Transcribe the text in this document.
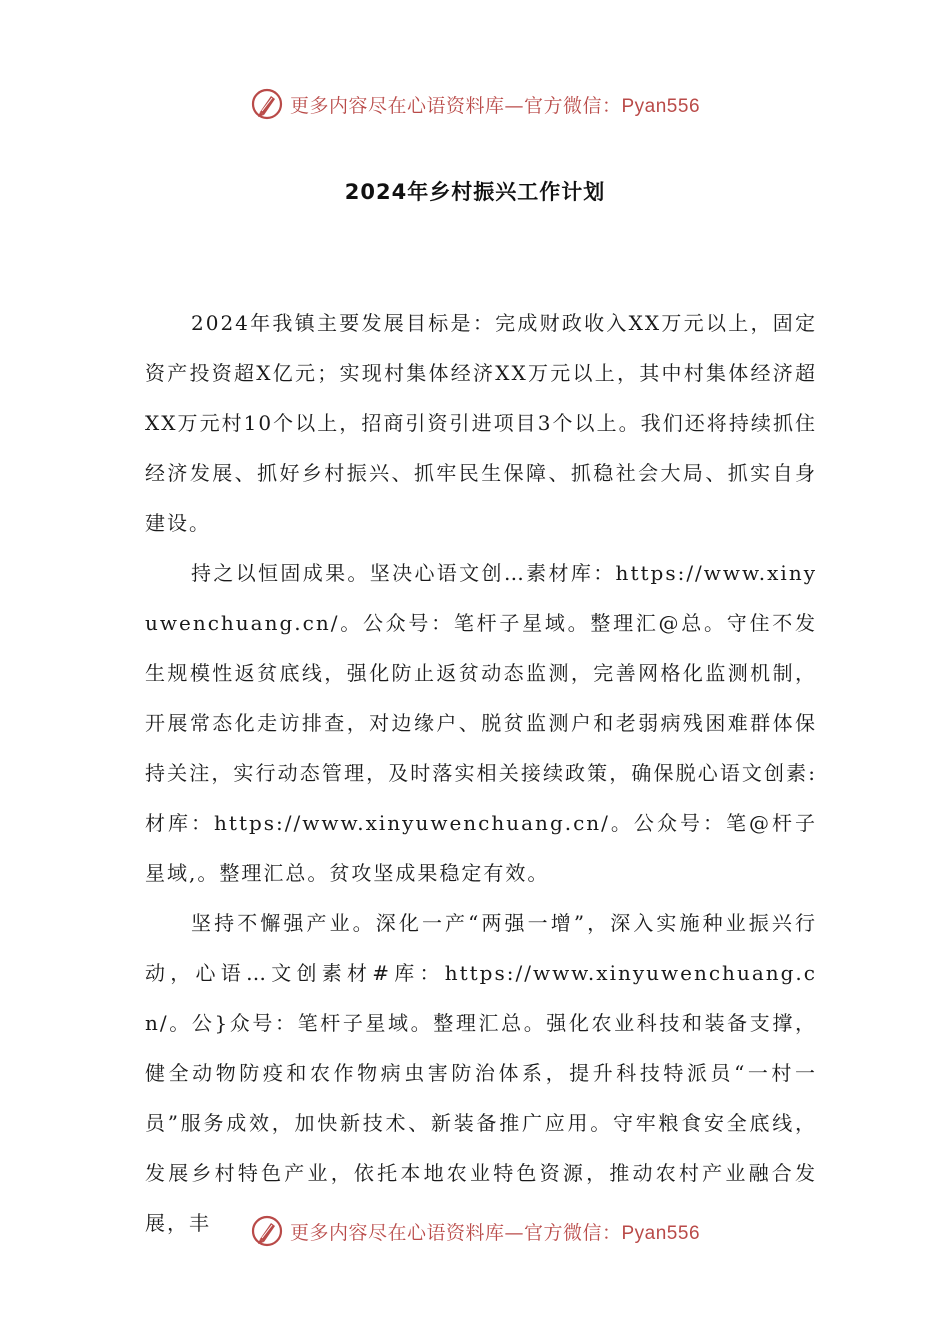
更多内容尽在心语资料库—官方微信：Pyan556
2024年乡村振兴工作计划

2024年我镇主要发展目标是：完成财政收入XX万元以上，固定资产投资超X亿元；实现村集体经济XX万元以上，其中村集体经济超XX万元村10个以上，招商引资引进项目3个以上。我们还将持续抓住经济发展、抓好乡村振兴、抓牢民生保障、抓稳社会大局、抓实自身建设。

持之以恒固成果。坚决心语文创…素材库：https://www.xinyuwenchuang.cn/。公众号：笔杆子星域。整理汇@总。守住不发生规模性返贫底线，强化防止返贫动态监测，完善网格化监测机制，开展常态化走访排查，对边缘户、脱贫监测户和老弱病残困难群体保持关注，实行动态管理，及时落实相关接续政策，确保脱心语文创素:材库：https://www.xinyuwenchuang.cn/。公众号：笔@杆子星域,。整理汇总。贫攻坚成果稳定有效。

坚持不懈强产业。深化一产“两强一增”，深入实施种业振兴行动，心语…文创素材#库：https://www.xinyuwenchuang.cn/。公}众号：笔杆子星域。整理汇总。强化农业科技和装备支撑，健全动物防疫和农作物病虫害防治体系，提升科技特派员“一村一员”服务成效，加快新技术、新装备推广应用。守牢粮食安全底线，发展乡村特色产业，依托本地农业特色资源，推动农村产业融合发展，丰	更多内容尽在心语资料库—官方微信：Pyan556
